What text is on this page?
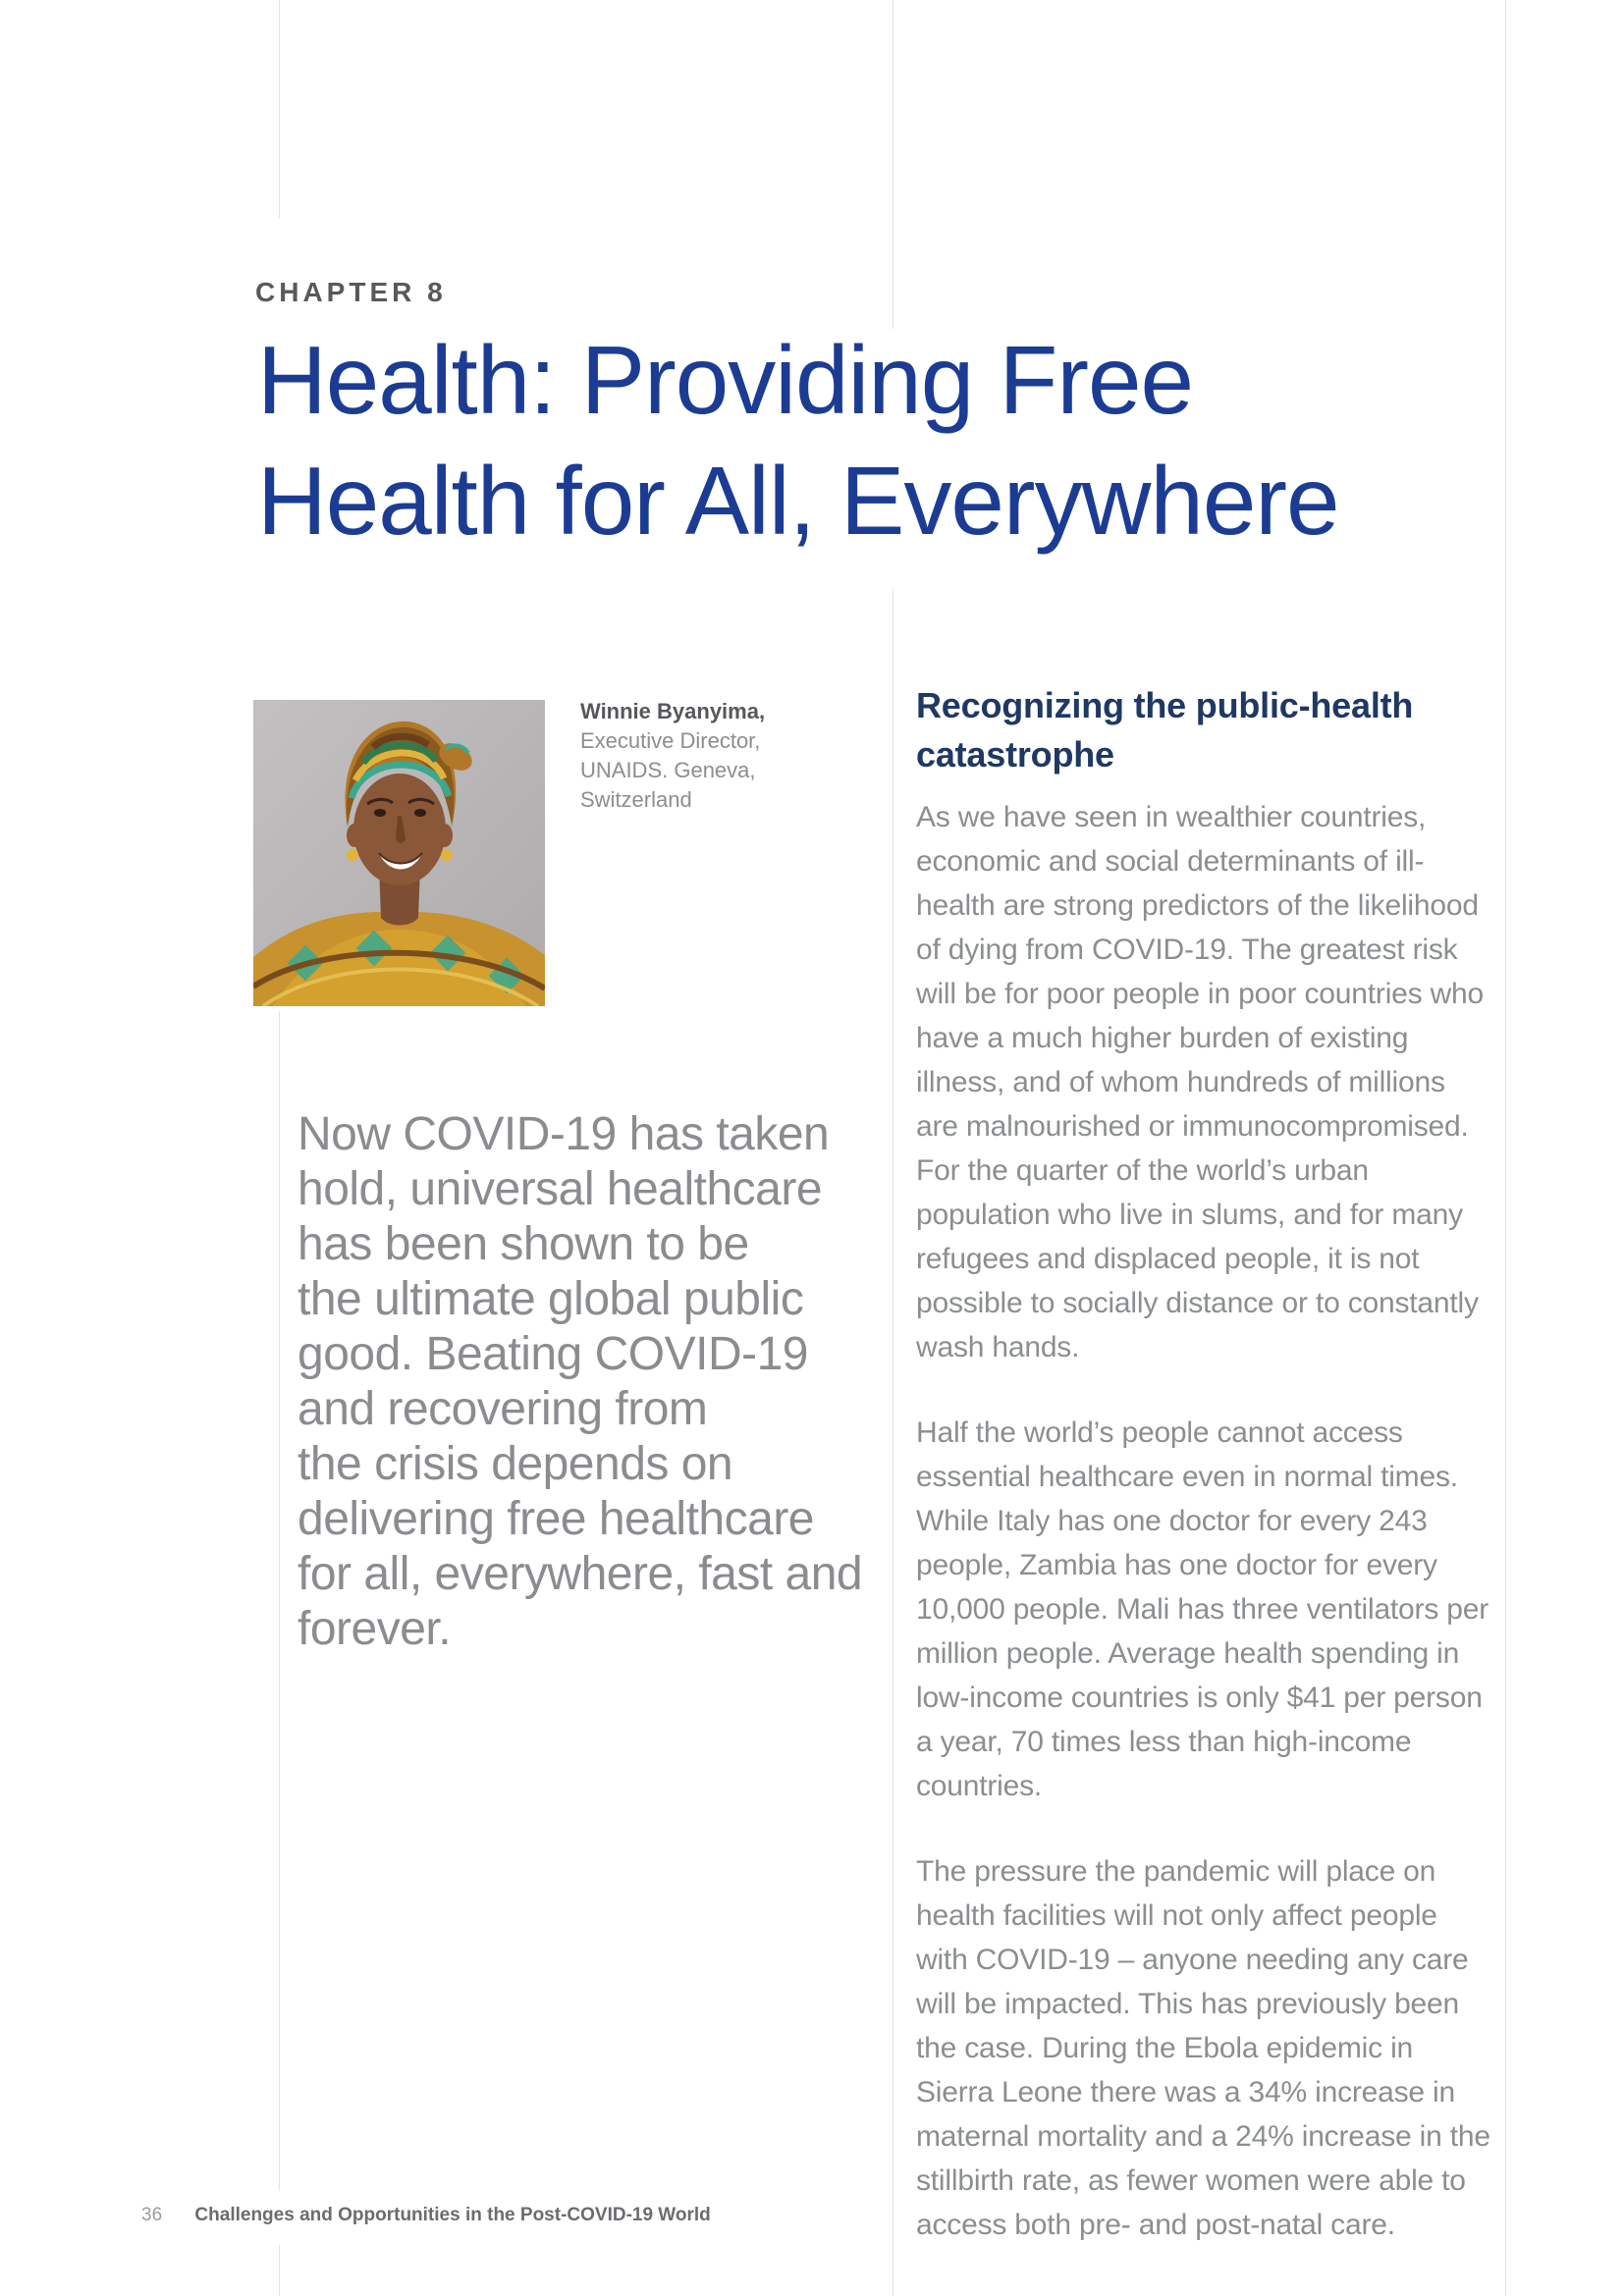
CHAPTER 8
Health: Providing Free
Health for All, Everywhere
Winnie Byanyima,
Executive Director,
UNAIDS. Geneva,
Switzerland
Now COVID-19 has taken
hold, universal healthcare
has been shown to be
the ultimate global public
good. Beating COVID-19
and recovering from
the crisis depends on
delivering free healthcare
for all, everywhere, fast and
forever.
Recognizing the public-health
catastrophe

As we have seen in wealthier countries, economic and social determinants of ill-health are strong predictors of the likelihood of dying from COVID-19. The greatest risk will be for poor people in poor countries who have a much higher burden of existing illness, and of whom hundreds of millions are malnourished or immunocompromised. For the quarter of the world’s urban population who live in slums, and for many refugees and displaced people, it is not possible to socially distance or to constantly wash hands.

Half the world’s people cannot access essential healthcare even in normal times. While Italy has one doctor for every 243 people, Zambia has one doctor for every 10,000 people. Mali has three ventilators per million people. Average health spending in low-income countries is only $41 per person a year, 70 times less than high-income countries.

The pressure the pandemic will place on health facilities will not only affect people with COVID-19 – anyone needing any care will be impacted. This has previously been the case. During the Ebola epidemic in Sierra Leone there was a 34% increase in maternal mortality and a 24% increase in the stillbirth rate, as fewer women were able to access both pre- and post-natal care.

36 Challenges and Opportunities in the Post-COVID-19 World
